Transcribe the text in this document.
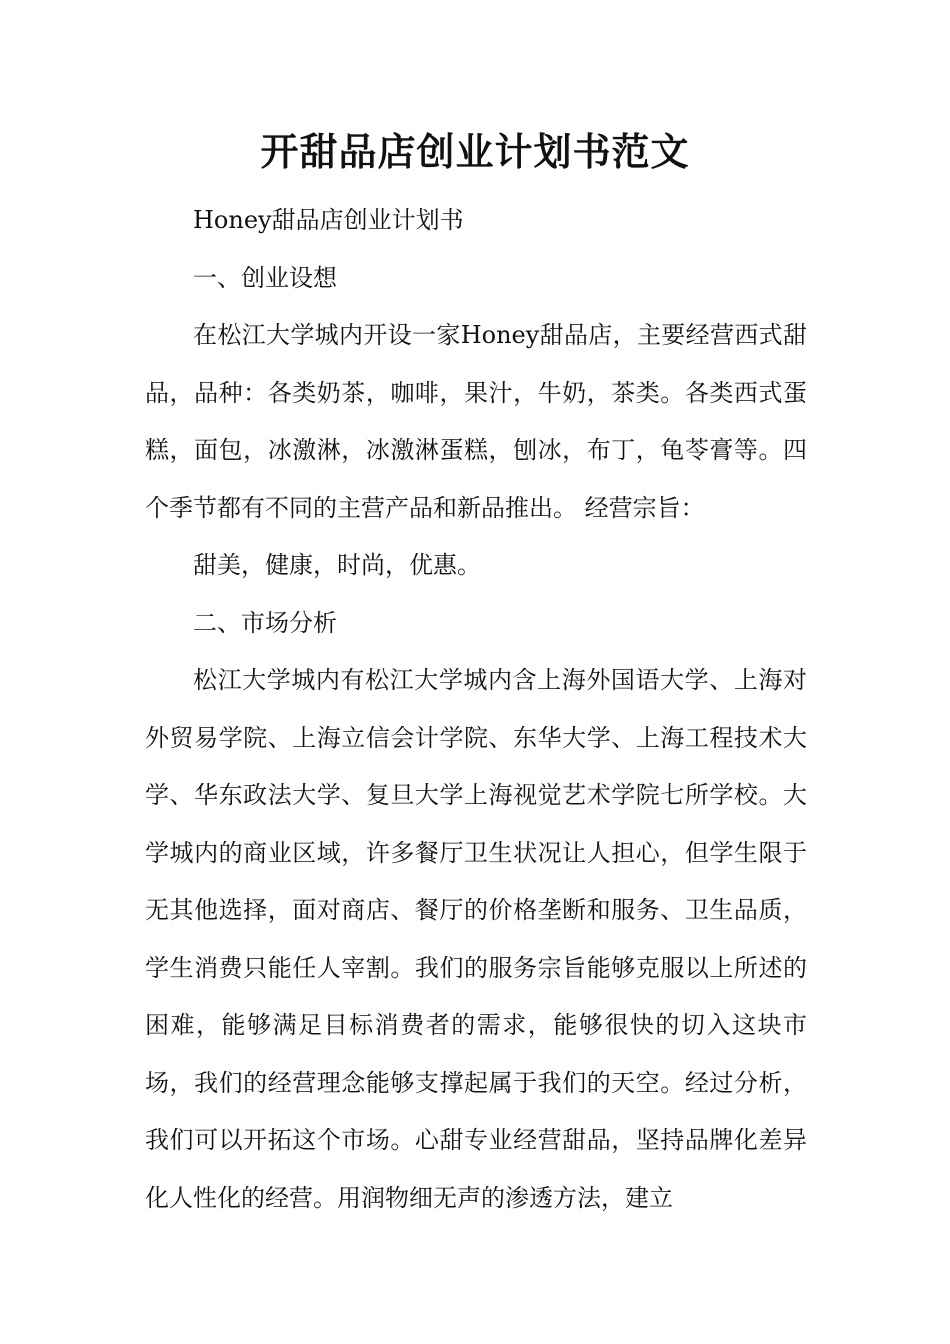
开甜品店创业计划书范文

Honey甜品店创业计划书

一、创业设想

在松江大学城内开设一家Honey甜品店，主要经营西式甜品，品种：各类奶茶，咖啡，果汁，牛奶，茶类。各类西式蛋糕，面包，冰激淋，冰激淋蛋糕，刨冰，布丁，龟苓膏等。四个季节都有不同的主营产品和新品推出。 经营宗旨：

甜美，健康，时尚，优惠。

二、市场分析

松江大学城内有松江大学城内含上海外国语大学、上海对外贸易学院、上海立信会计学院、东华大学、上海工程技术大学、华东政法大学、复旦大学上海视觉艺术学院七所学校。大学城内的商业区域，许多餐厅卫生状况让人担心，但学生限于无其他选择，面对商店、餐厅的价格垄断和服务、卫生品质，学生消费只能任人宰割。我们的服务宗旨能够克服以上所述的困难，能够满足目标消费者的需求，能够很快的切入这块市场，我们的经营理念能够支撑起属于我们的天空。经过分析，我们可以开拓这个市场。心甜专业经营甜品，坚持品牌化差异化人性化的经营。用润物细无声的渗透方法，建立
